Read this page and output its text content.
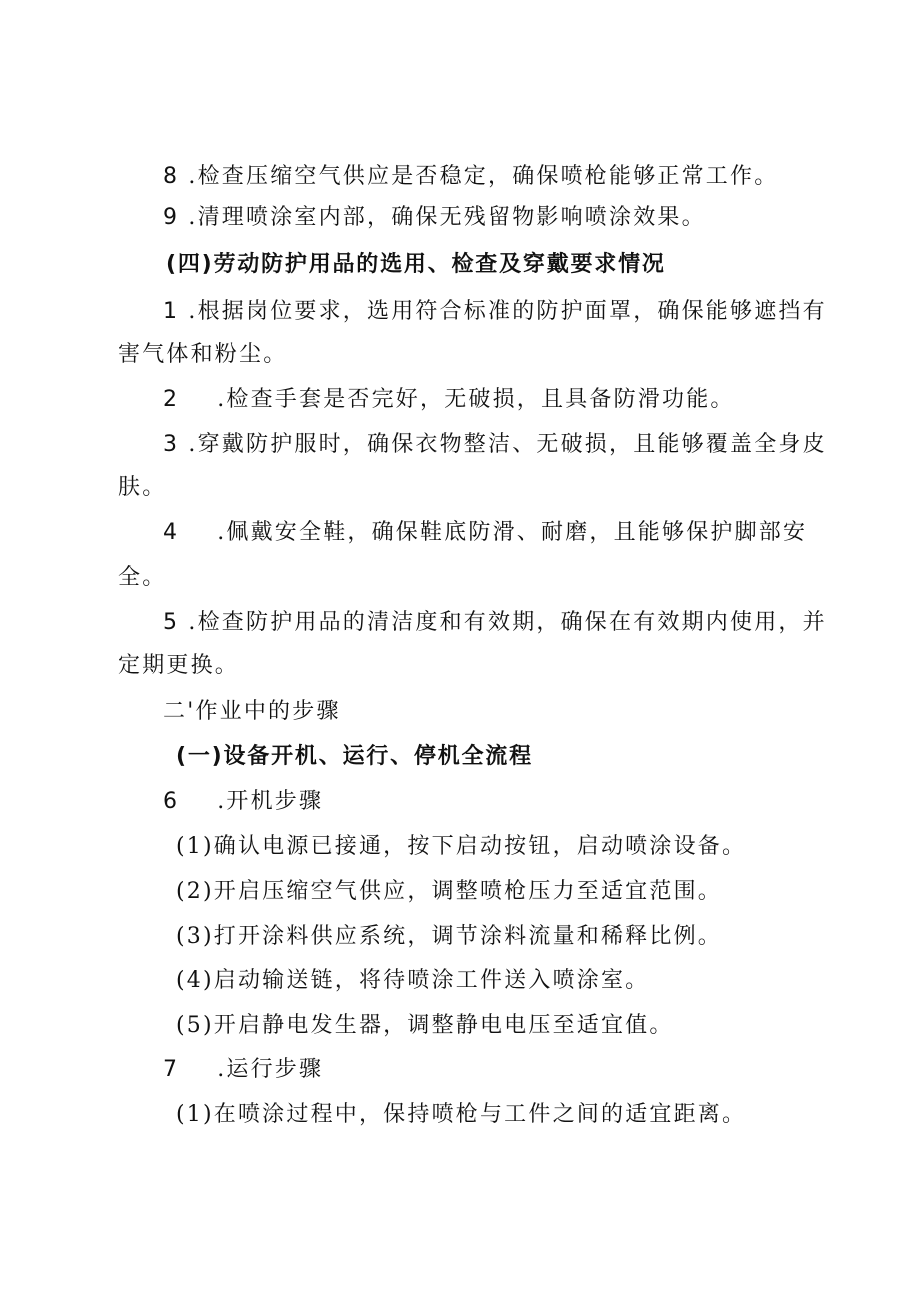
8 .检查压缩空气供应是否稳定，确保喷枪能够正常工作。
9 .清理喷涂室内部，确保无残留物影响喷涂效果。
(四)劳动防护用品的选用、检查及穿戴要求情况
1 .根据岗位要求，选用符合标准的防护面罩，确保能够遮挡有
害气体和粉尘。
2 .检查手套是否完好，无破损，且具备防滑功能。
3 .穿戴防护服时，确保衣物整洁、无破损，且能够覆盖全身皮
肤。
4 .佩戴安全鞋，确保鞋底防滑、耐磨，且能够保护脚部安
全。
5 .检查防护用品的清洁度和有效期，确保在有效期内使用，并
定期更换。
二'作业中的步骤
(一)设备开机、运行、停机全流程
6 .开机步骤
(1)确认电源已接通，按下启动按钮，启动喷涂设备。
(2)开启压缩空气供应，调整喷枪压力至适宜范围。
(3)打开涂料供应系统，调节涂料流量和稀释比例。
(4)启动输送链，将待喷涂工件送入喷涂室。
(5)开启静电发生器，调整静电电压至适宜值。
7 .运行步骤
(1)在喷涂过程中，保持喷枪与工件之间的适宜距离。
